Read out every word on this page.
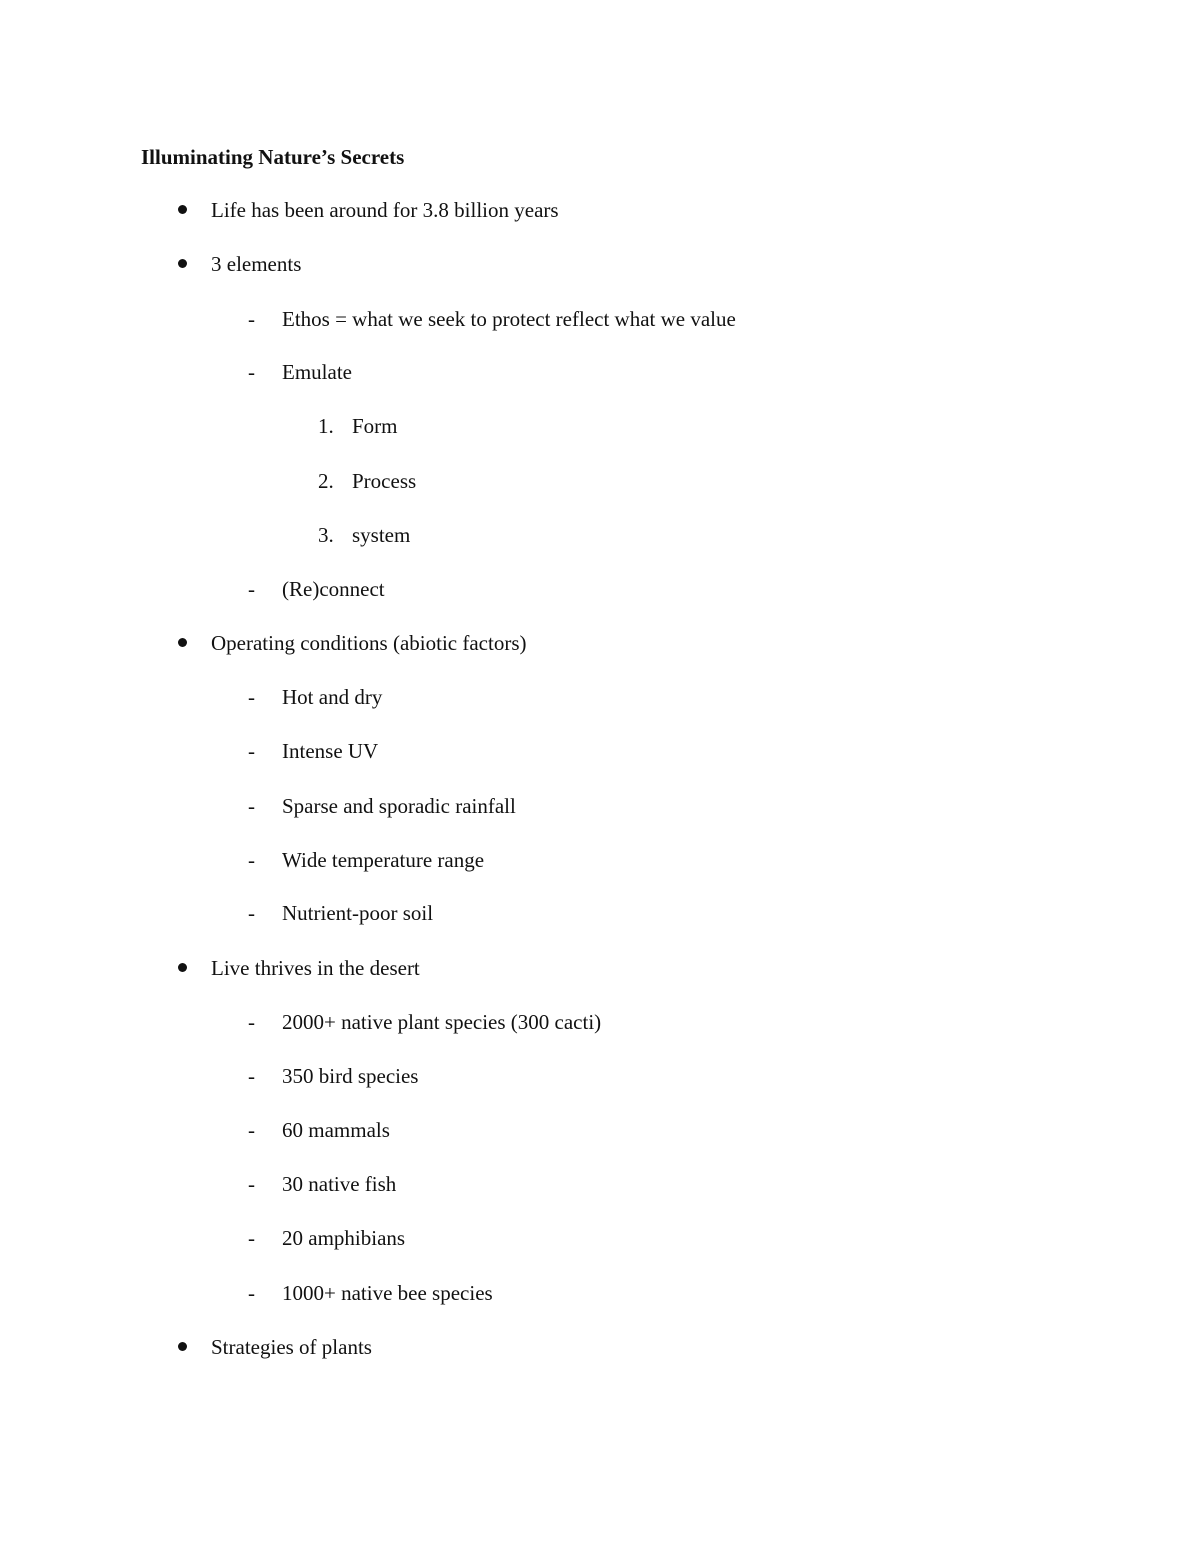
Illuminating Nature’s Secrets
Life has been around for 3.8 billion years
3 elements
- Ethos = what we seek to protect reflect what we value
- Emulate
1. Form
2. Process
3. system
- (Re)connect
Operating conditions (abiotic factors)
- Hot and dry
- Intense UV
- Sparse and sporadic rainfall
- Wide temperature range
- Nutrient-poor soil
Live thrives in the desert
- 2000+ native plant species (300 cacti)
- 350 bird species
- 60 mammals
- 30 native fish
- 20 amphibians
- 1000+ native bee species
Strategies of plants
